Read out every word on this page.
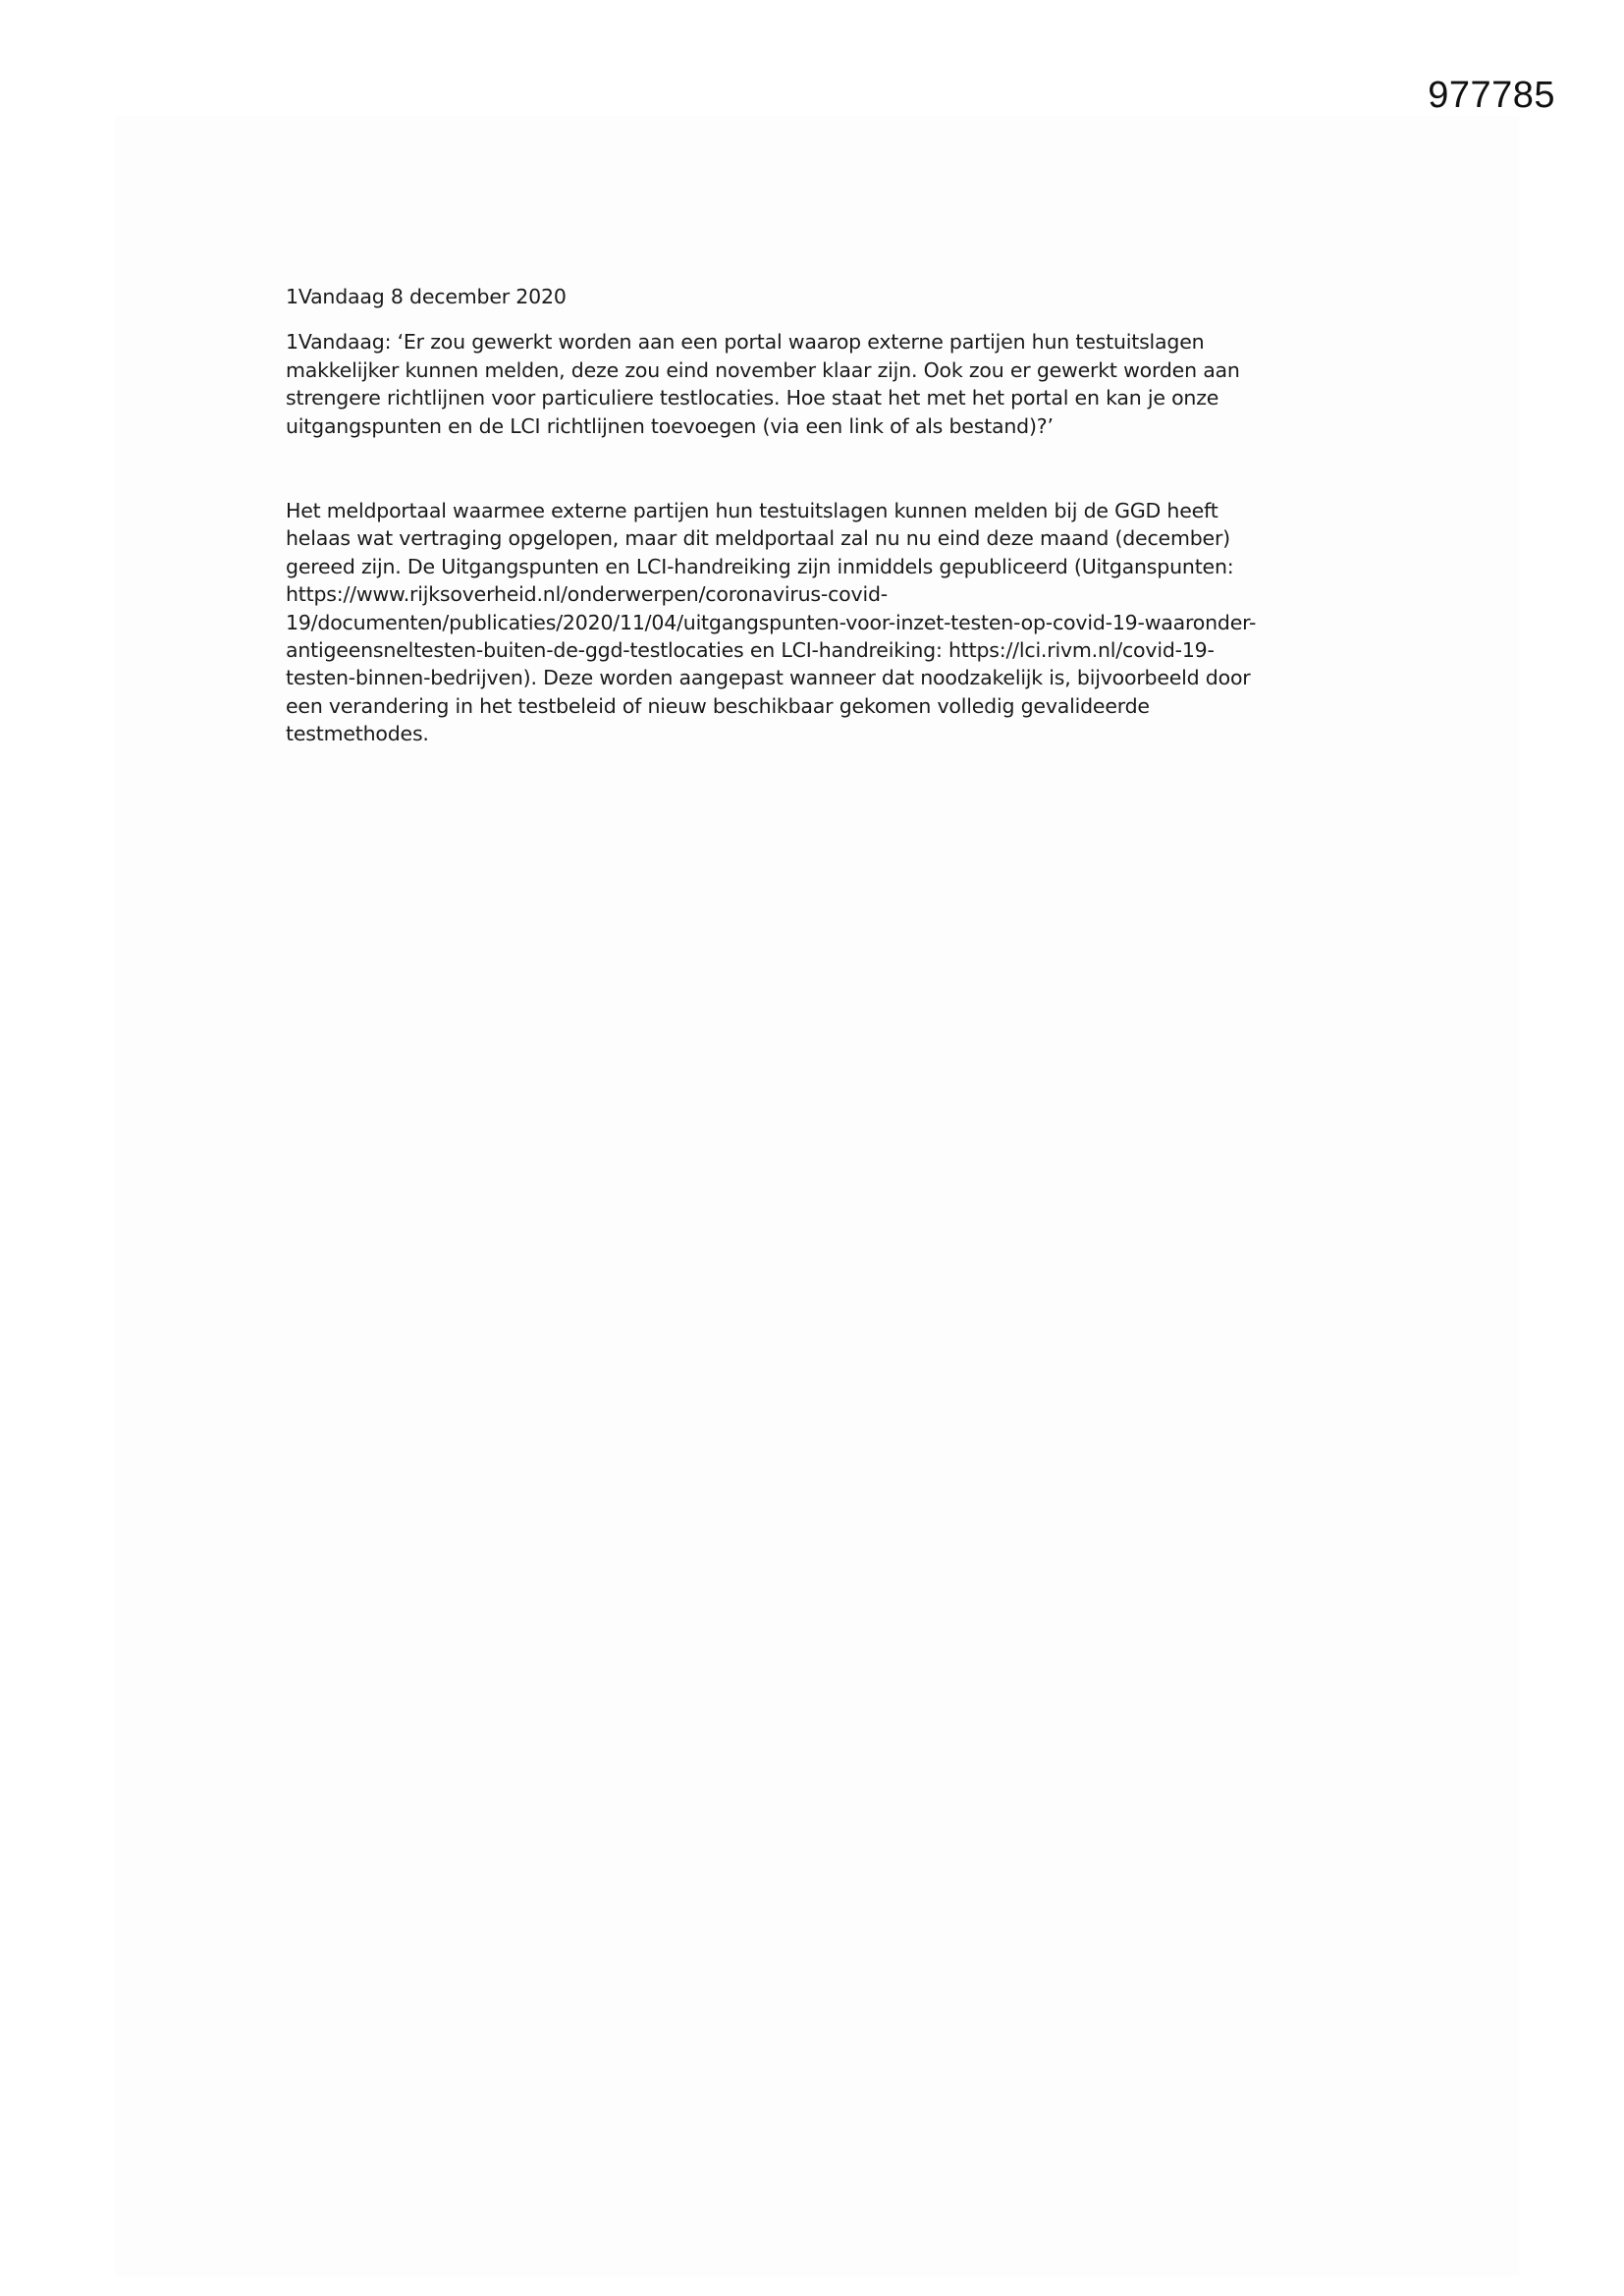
977785

1Vandaag 8 december 2020

1Vandaag: ‘Er zou gewerkt worden aan een portal waarop externe partijen hun testuitslagen
makkelijker kunnen melden, deze zou eind november klaar zijn. Ook zou er gewerkt worden aan
strengere richtlijnen voor particuliere testlocaties. Hoe staat het met het portal en kan je onze
uitgangspunten en de LCI richtlijnen toevoegen (via een link of als bestand)?’

Het meldportaal waarmee externe partijen hun testuitslagen kunnen melden bij de GGD heeft
helaas wat vertraging opgelopen, maar dit meldportaal zal nu nu eind deze maand (december)
gereed zijn. De Uitgangspunten en LCI-handreiking zijn inmiddels gepubliceerd (Uitganspunten:
https://www.rijksoverheid.nl/onderwerpen/coronavirus-covid-
19/documenten/publicaties/2020/11/04/uitgangspunten-voor-inzet-testen-op-covid-19-waaronder-
antigeensneltesten-buiten-de-ggd-testlocaties en LCI-handreiking: https://lci.rivm.nl/covid-19-
testen-binnen-bedrijven). Deze worden aangepast wanneer dat noodzakelijk is, bijvoorbeeld door
een verandering in het testbeleid of nieuw beschikbaar gekomen volledig gevalideerde
testmethodes.
